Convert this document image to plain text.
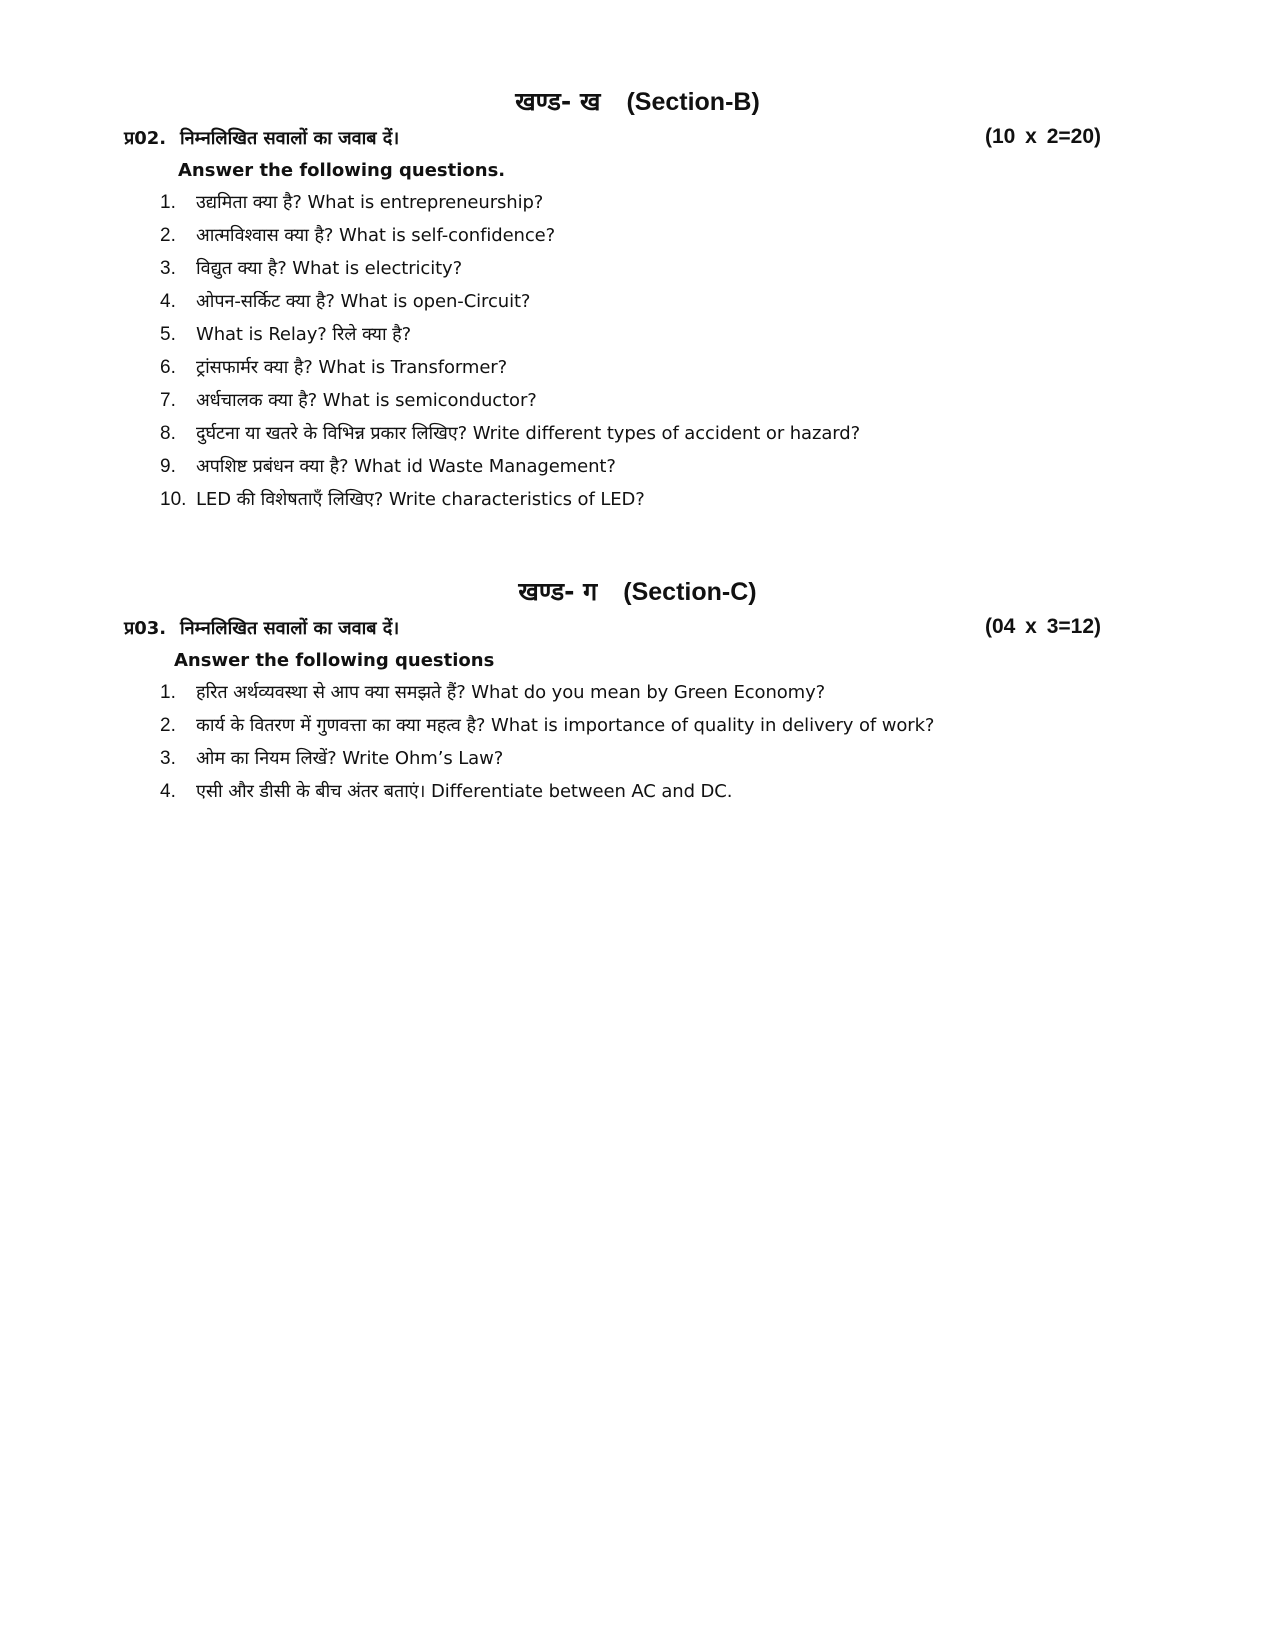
खण्ड- ख (Section-B)
प्र02. निम्नलिखित सवालों का जवाब दें।	(10 x 2=20)
Answer the following questions.
1. उद्यमिता क्या है? What is entrepreneurship?
2. आत्मविश्वास क्या है? What is self-confidence?
3. विद्युत क्या है? What is electricity?
4. ओपन-सर्किट क्या है? What is open-Circuit?
5. What is Relay? रिले क्या है?
6. ट्रांसफार्मर क्या है? What is Transformer?
7. अर्धचालक क्या है? What is semiconductor?
8. दुर्घटना या खतरे के विभिन्न प्रकार लिखिए? Write different types of accident or hazard?
9. अपशिष्ट प्रबंधन क्या है? What id Waste Management?
10. LED की विशेषताएँ लिखिए? Write characteristics of LED?
खण्ड- ग (Section-C)
प्र03. निम्नलिखित सवालों का जवाब दें।	(04 x 3=12)
Answer the following questions
1. हरित अर्थव्यवस्था से आप क्या समझते हैं? What do you mean by Green Economy?
2. कार्य के वितरण में गुणवत्ता का क्या महत्व है? What is importance of quality in delivery of work?
3. ओम का नियम लिखें? Write Ohm’s Law?
4. एसी और डीसी के बीच अंतर बताएं। Differentiate between AC and DC.
